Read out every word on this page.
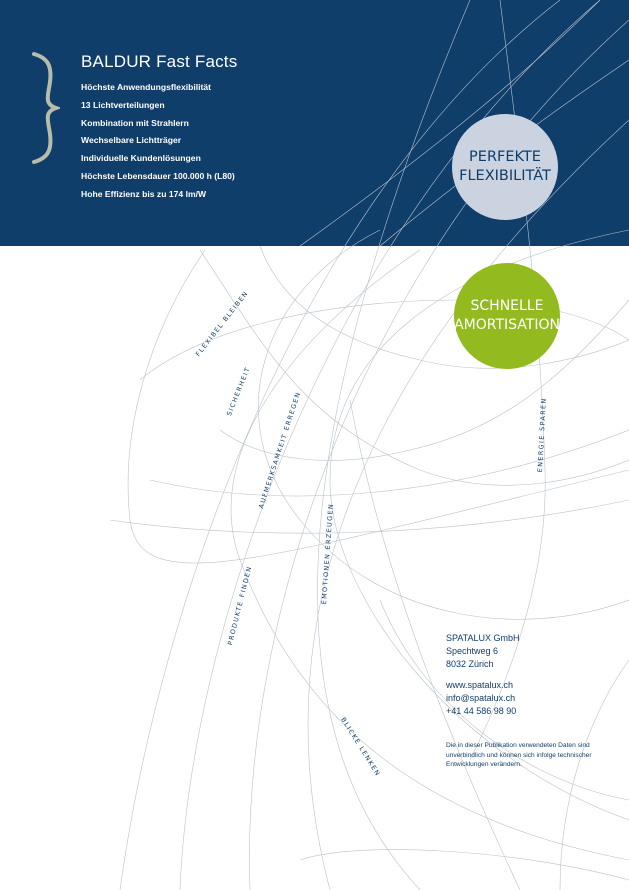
BALDUR Fast Facts
Höchste Anwendungsflexibilität
13 Lichtverteilungen
Kombination mit Strahlern
Wechselbare Lichtträger
Individuelle Kundenlösungen
Höchste Lebensdauer 100.000 h (L80)
Hohe Effizienz bis zu 174 lm/W
PERFEKTE
FLEXIBILITÄT
SCHNELLE
AMORTISATION
FLEXIBEL BLEIBEN
SICHERHEIT AUFMERKSAMKEIT ERREGEN	ENERGIE SPAREN
EMOTIONEN ERZEUGEN
PRODUKTE FINDEN
BLICKE LENKEN
SPATALUX GmbH
Spechtweg 6
8032 Zürich
www.spatalux.ch
info@spatalux.ch
+41 44 586 98 90
Die in dieser Publikation verwendeten Daten sind unverbindlich und können sich infolge technischer Entwicklungen verändern.
